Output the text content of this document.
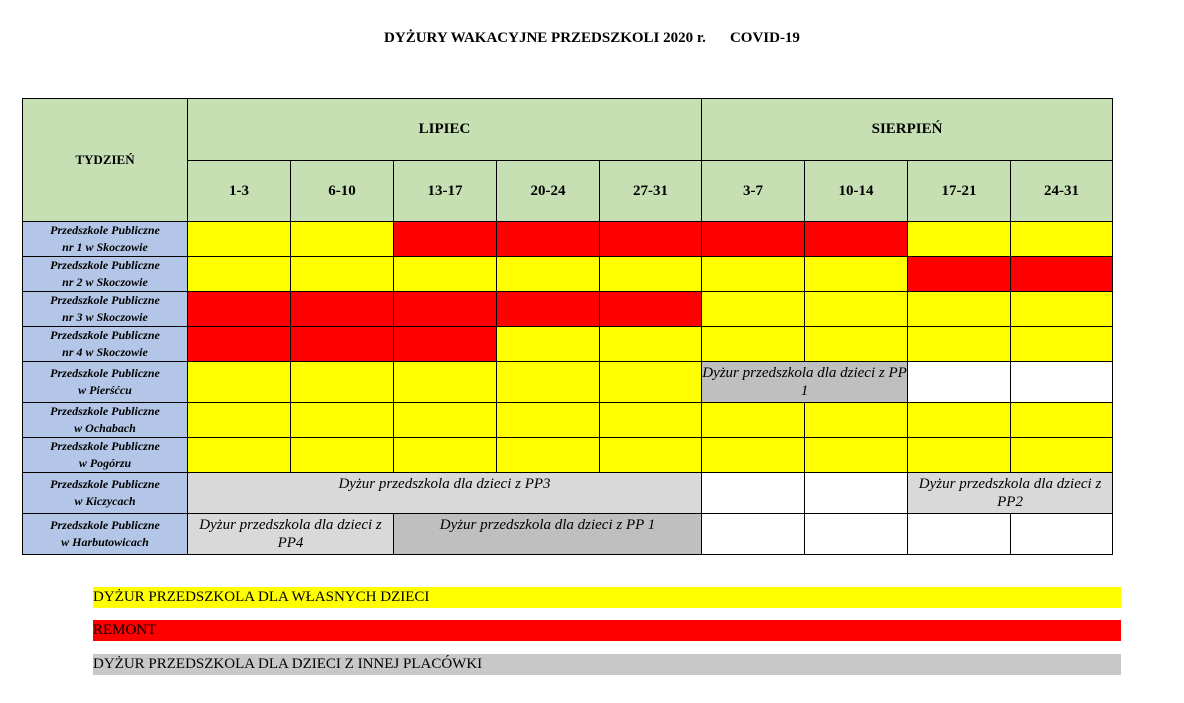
DYŻURY WAKACYJNE PRZEDSZKOLI 2020 r. COVID-19
TYDZIEŃ	LIPIEC					SIERPIEŃ			
	1-3	6-10	13-17	20-24	27-31	3-7	10-14	17-21	24-31
Przedszkole Publiczne
nr 1 w Skoczowie									
Przedszkole Publiczne
nr 2 w Skoczowie									
Przedszkole Publiczne
nr 3 w Skoczowie									
Przedszkole Publiczne
nr 4 w Skoczowie									
Przedszkole Publiczne
w Pierśćcu						Dyżur przedszkola dla dzieci z PP 1			
Przedszkole Publiczne
w Ochabach									
Przedszkole Publiczne
w Pogórzu									
Przedszkole Publiczne
w Kiczycach	Dyżur przedszkola dla dzieci z PP3							Dyżur przedszkola dla dzieci z PP2	
Przedszkole Publiczne
w Harbutowicach	Dyżur przedszkola dla dzieci z PP4		Dyżur przedszkola dla dzieci z PP 1						
DYŻUR PRZEDSZKOLA DLA WŁASNYCH DZIECI
REMONT
DYŻUR PRZEDSZKOLA DLA DZIECI Z INNEJ PLACÓWKI
